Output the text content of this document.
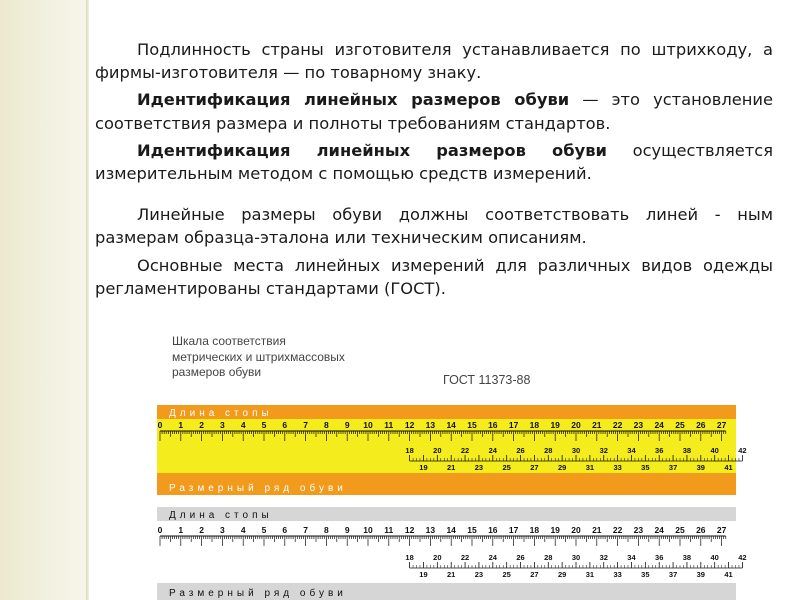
Подлинность страны изготовителя устанавливается по штрихкоду, а фирмы-изготовителя — по товарному знаку.

Идентификация линейных размеров обуви — это установление соответствия размера и полноты требованиям стандартов.

Идентификация линейных размеров обуви осуществляется измерительным методом с помощью средств измерений.

Линейные размеры обуви должны соответствовать линей - ным размерам образца-эталона или техническим описаниям.

Основные места линейных измерений для различных видов одежды регламентированы стандартами (ГОСТ).

Шкала соответствия
метрических и штрихмассовых
размеров обуви
ГОСТ 11373-88
Длина стопы
Размерный ряд обуви
0 1 2 3 4 5 6 7 8 9 10 11 12 13 14 15 16 17 18 19 20 21 22 23 24 25 26 27
18	20	22	24	26	28	30	32	34	36	38	40	42
19	21	23	25	27	29	31	33	35	37	39	41
Длина стопы
Размерный ряд обуви
0 1 2 3 4 5 6 7 8 9 10 11 12 13 14 15 16 17 18 19 20 21 22 23 24 25 26 27
18	20	22	24	26	28	30	32	34	36	38	40	42
19	21	23	25	27	29	31	33	35	37	39	41
